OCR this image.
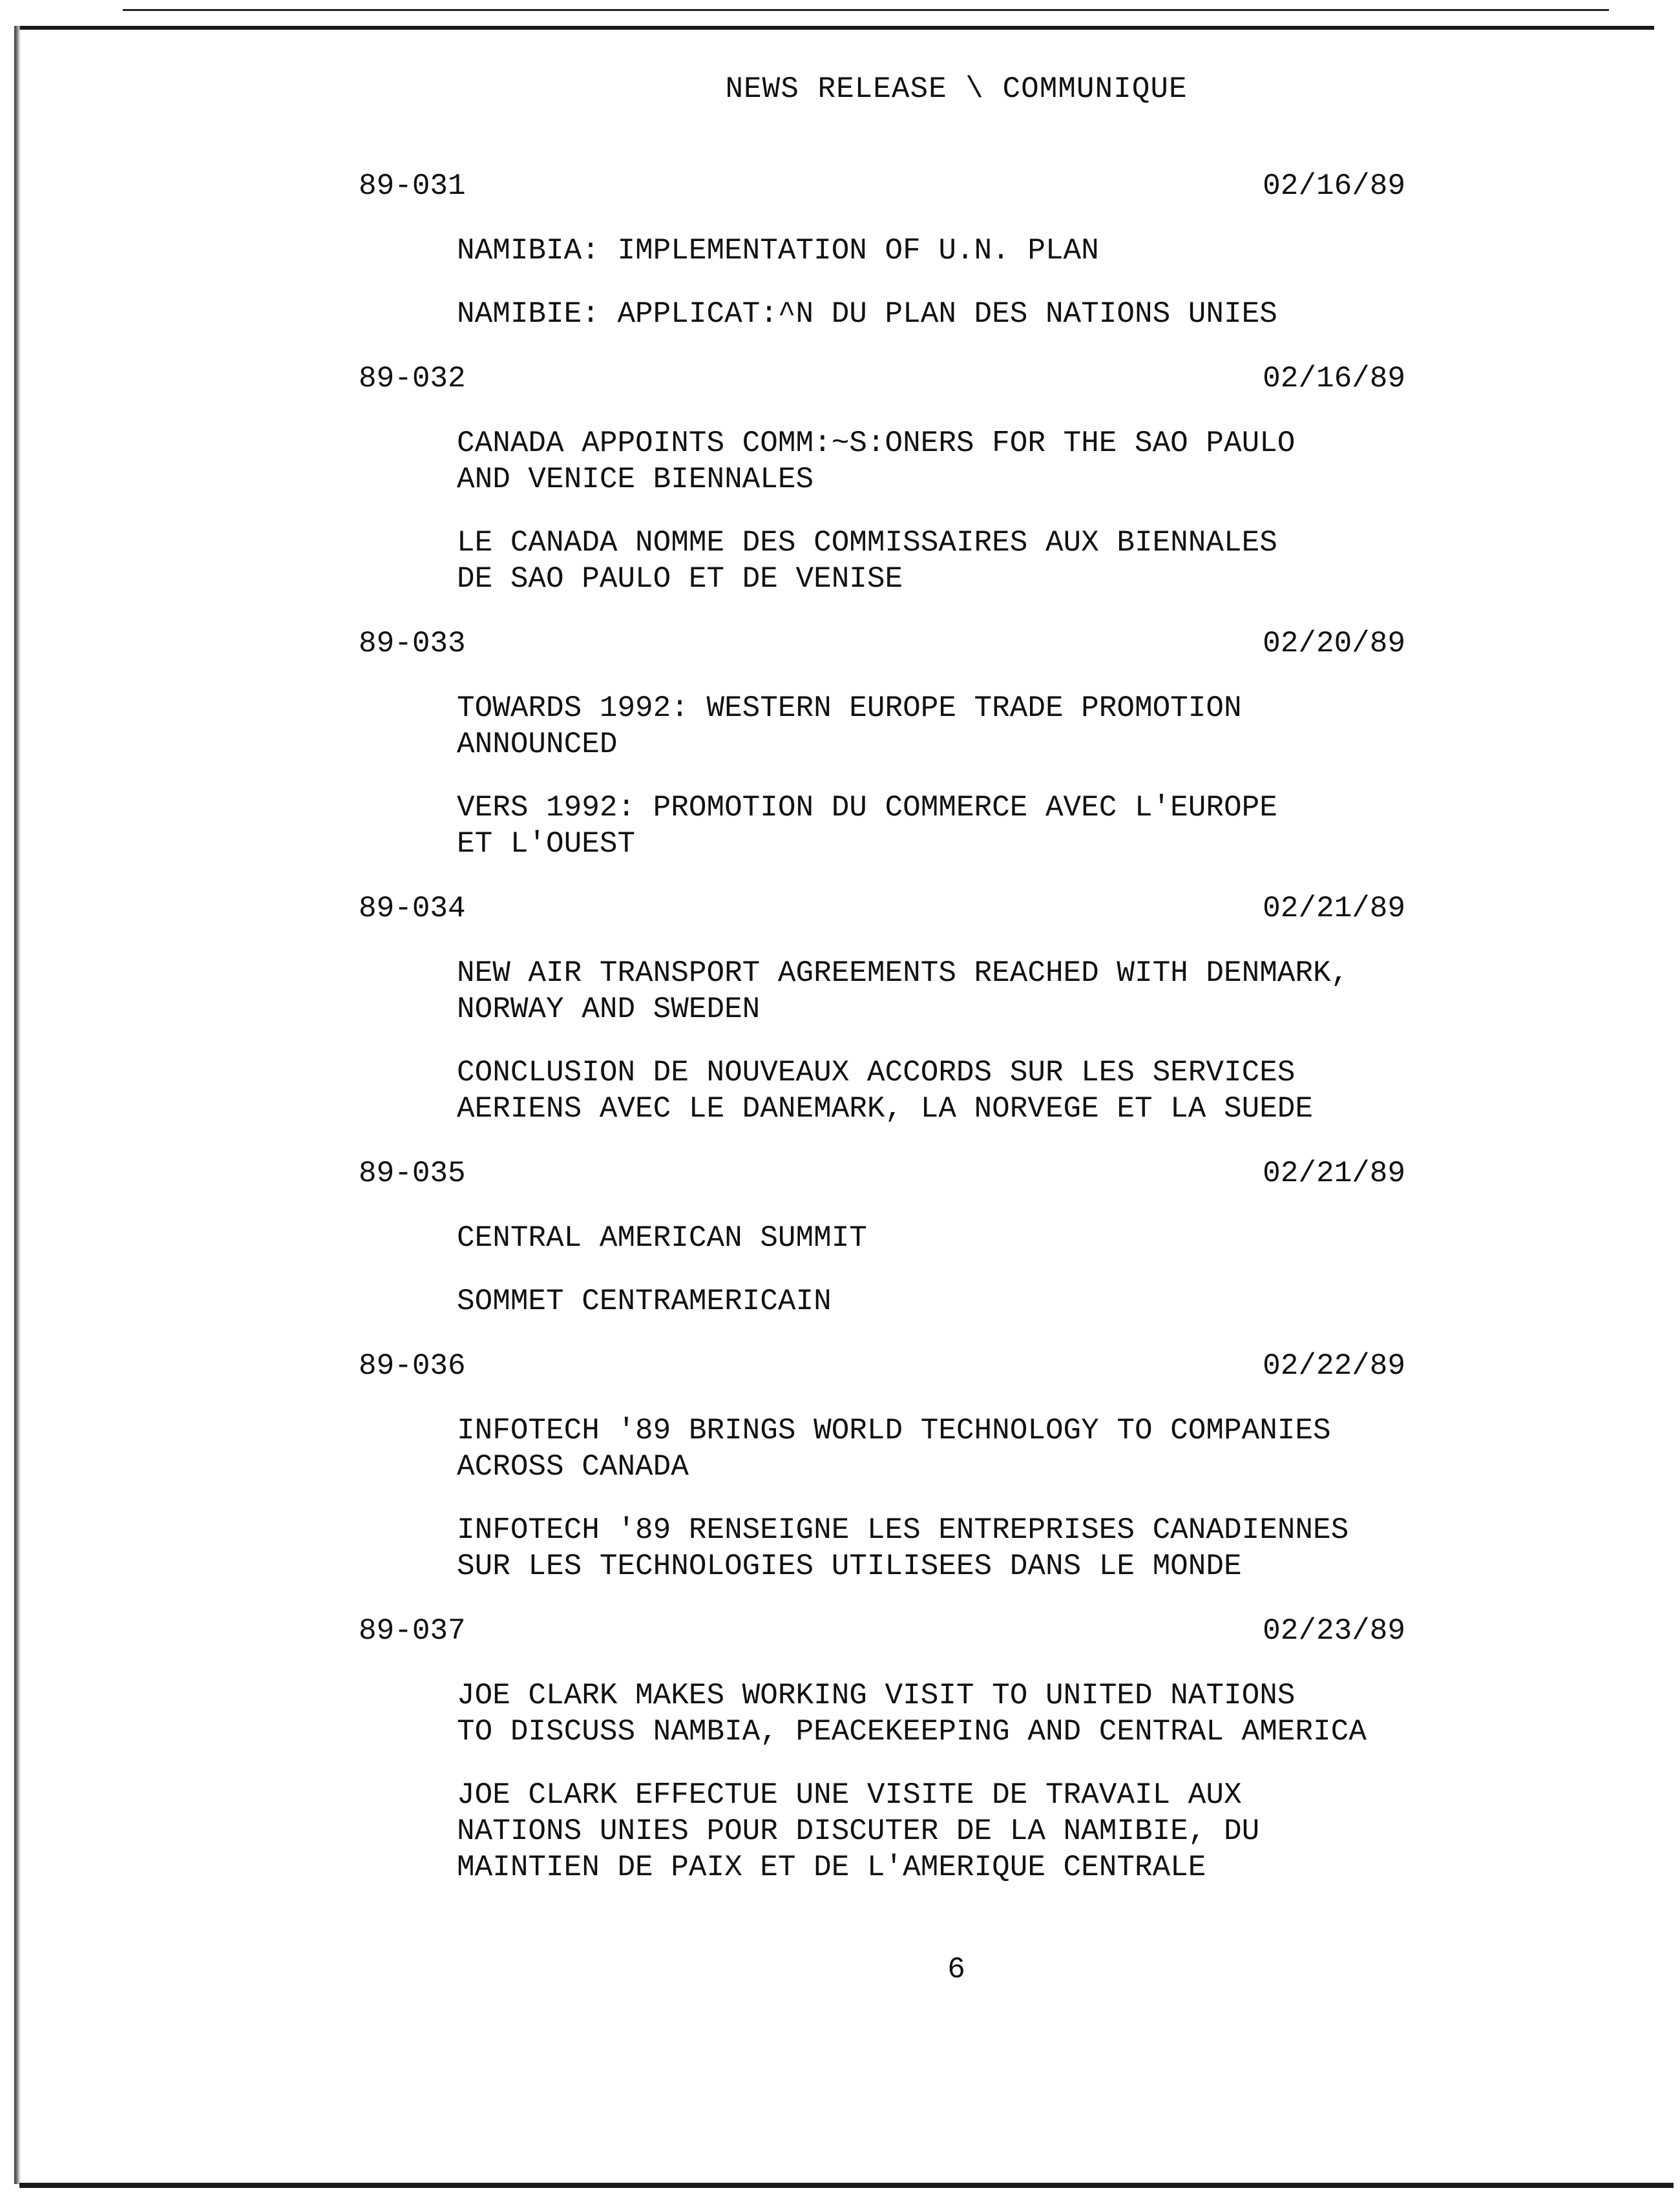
NEWS RELEASE \ COMMUNIQUE
89-031	02/16/89
NAMIBIA: IMPLEMENTATION OF U.N. PLAN
NAMIBIE: APPLICAT:^N DU PLAN DES NATIONS UNIES
89-032	02/16/89
CANADA APPOINTS COMM:~S:ONERS FOR THE SAO PAULO
AND VENICE BIENNALES
LE CANADA NOMME DES COMMISSAIRES AUX BIENNALES
DE SAO PAULO ET DE VENISE
89-033	02/20/89
TOWARDS 1992: WESTERN EUROPE TRADE PROMOTION
ANNOUNCED
VERS 1992: PROMOTION DU COMMERCE AVEC L'EUROPE
ET L'OUEST
89-034	02/21/89
NEW AIR TRANSPORT AGREEMENTS REACHED WITH DENMARK,
NORWAY AND SWEDEN
CONCLUSION DE NOUVEAUX ACCORDS SUR LES SERVICES
AERIENS AVEC LE DANEMARK, LA NORVEGE ET LA SUEDE
89-035	02/21/89
CENTRAL AMERICAN SUMMIT
SOMMET CENTRAMERICAIN
89-036	02/22/89
INFOTECH '89 BRINGS WORLD TECHNOLOGY TO COMPANIES
ACROSS CANADA
INFOTECH '89 RENSEIGNE LES ENTREPRISES CANADIENNES
SUR LES TECHNOLOGIES UTILISEES DANS LE MONDE
89-037	02/23/89
JOE CLARK MAKES WORKING VISIT TO UNITED NATIONS
TO DISCUSS NAMBIA, PEACEKEEPING AND CENTRAL AMERICA
JOE CLARK EFFECTUE UNE VISITE DE TRAVAIL AUX
NATIONS UNIES POUR DISCUTER DE LA NAMIBIE, DU
MAINTIEN DE PAIX ET DE L'AMERIQUE CENTRALE
6
